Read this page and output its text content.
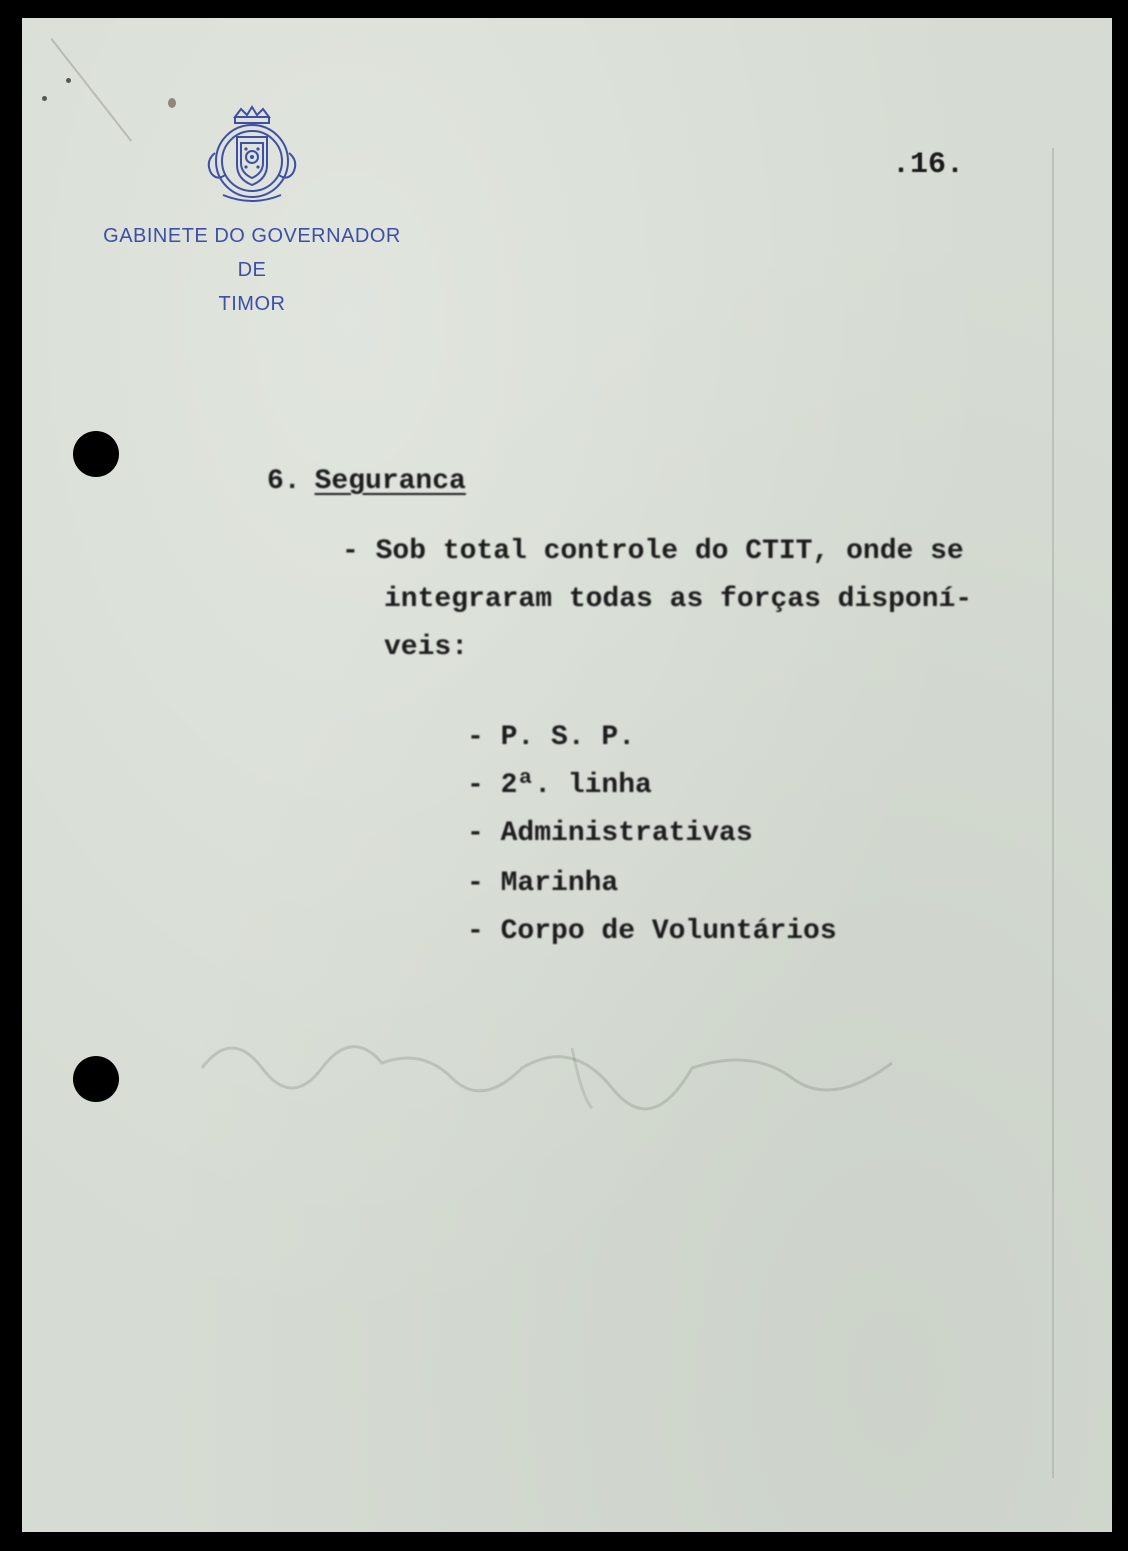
GABINETE DO GOVERNADOR
DE
TIMOR
.16.
6. Seguranca
- Sob total controle do CTIT, onde se
integraram todas as forças disponí-
veis:
- P. S. P.
- 2ª. linha
- Administrativas
- Marinha
- Corpo de Voluntários
